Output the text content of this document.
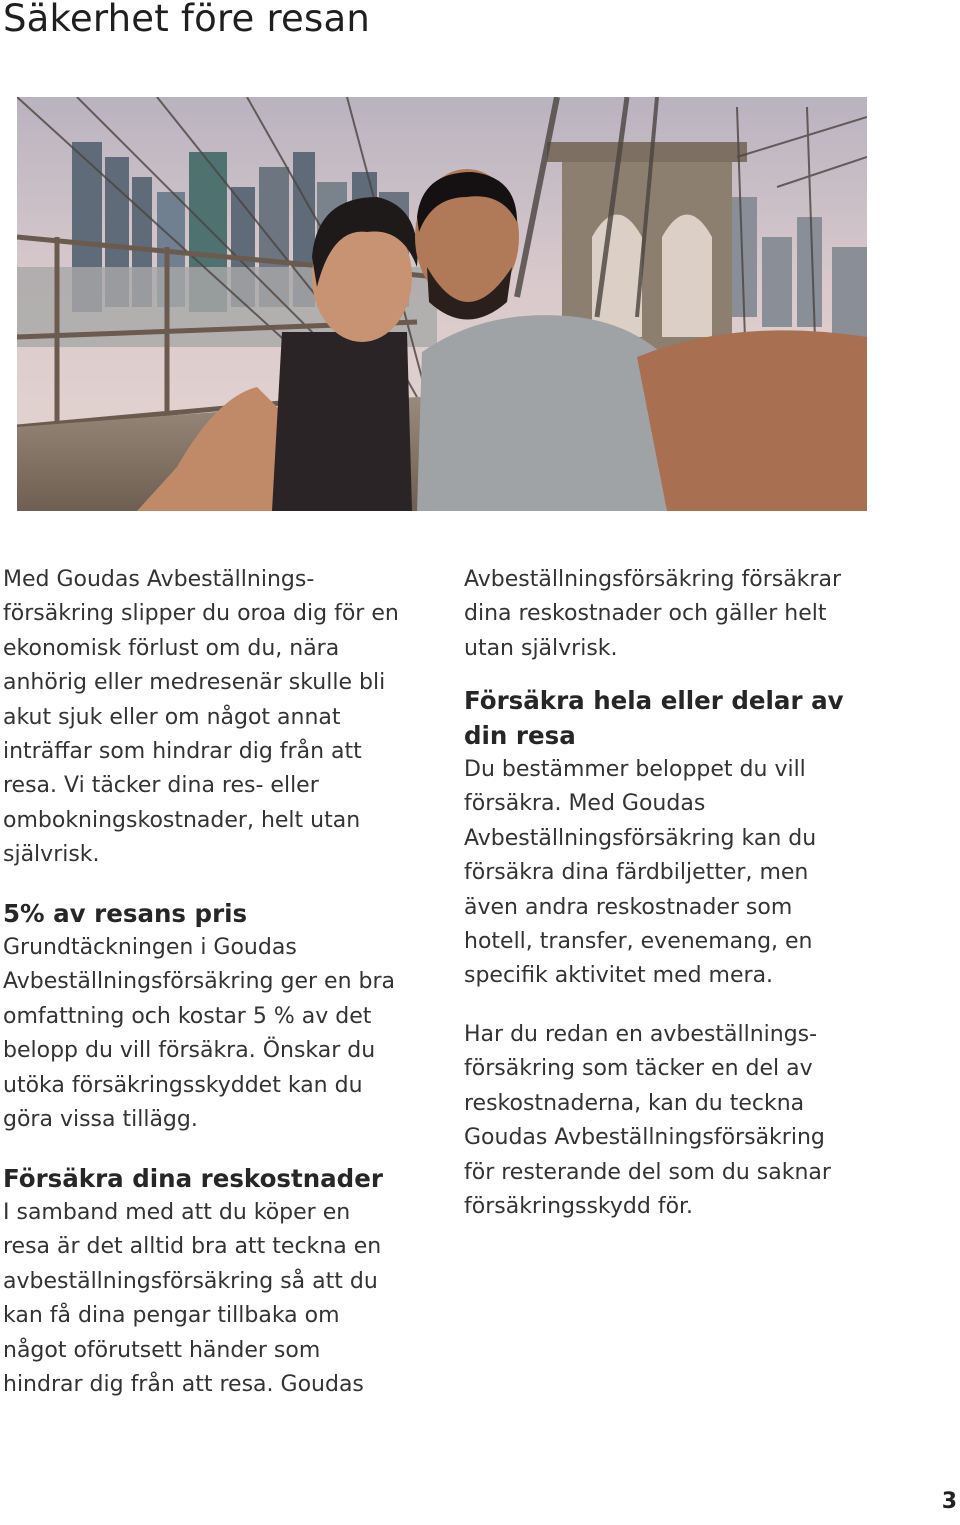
Säkerhet före resan

Med Goudas Avbeställnings-
försäkring slipper du oroa dig för en
ekonomisk förlust om du, nära
anhörig eller medresenär skulle bli
akut sjuk eller om något annat
inträffar som hindrar dig från att
resa. Vi täcker dina res- eller
ombokningskostnader, helt utan
självrisk.

5% av resans pris

Grundtäckningen i Goudas
Avbeställningsförsäkring ger en bra
omfattning och kostar 5 % av det
belopp du vill försäkra. Önskar du
utöka försäkringsskyddet kan du
göra vissa tillägg.

Försäkra dina reskostnader

I samband med att du köper en
resa är det alltid bra att teckna en
avbeställningsförsäkring så att du
kan få dina pengar tillbaka om
något oförutsett händer som
hindrar dig från att resa. Goudas

Avbeställningsförsäkring försäkrar
dina reskostnader och gäller helt
utan självrisk.

Försäkra hela eller delar av
din resa

Du bestämmer beloppet du vill
försäkra. Med Goudas
Avbeställningsförsäkring kan du
försäkra dina färdbiljetter, men
även andra reskostnader som
hotell, transfer, evenemang, en
specifik aktivitet med mera.

Har du redan en avbeställnings-
försäkring som täcker en del av
reskostnaderna, kan du teckna
Goudas Avbeställningsförsäkring
för resterande del som du saknar
försäkringsskydd för.

3
